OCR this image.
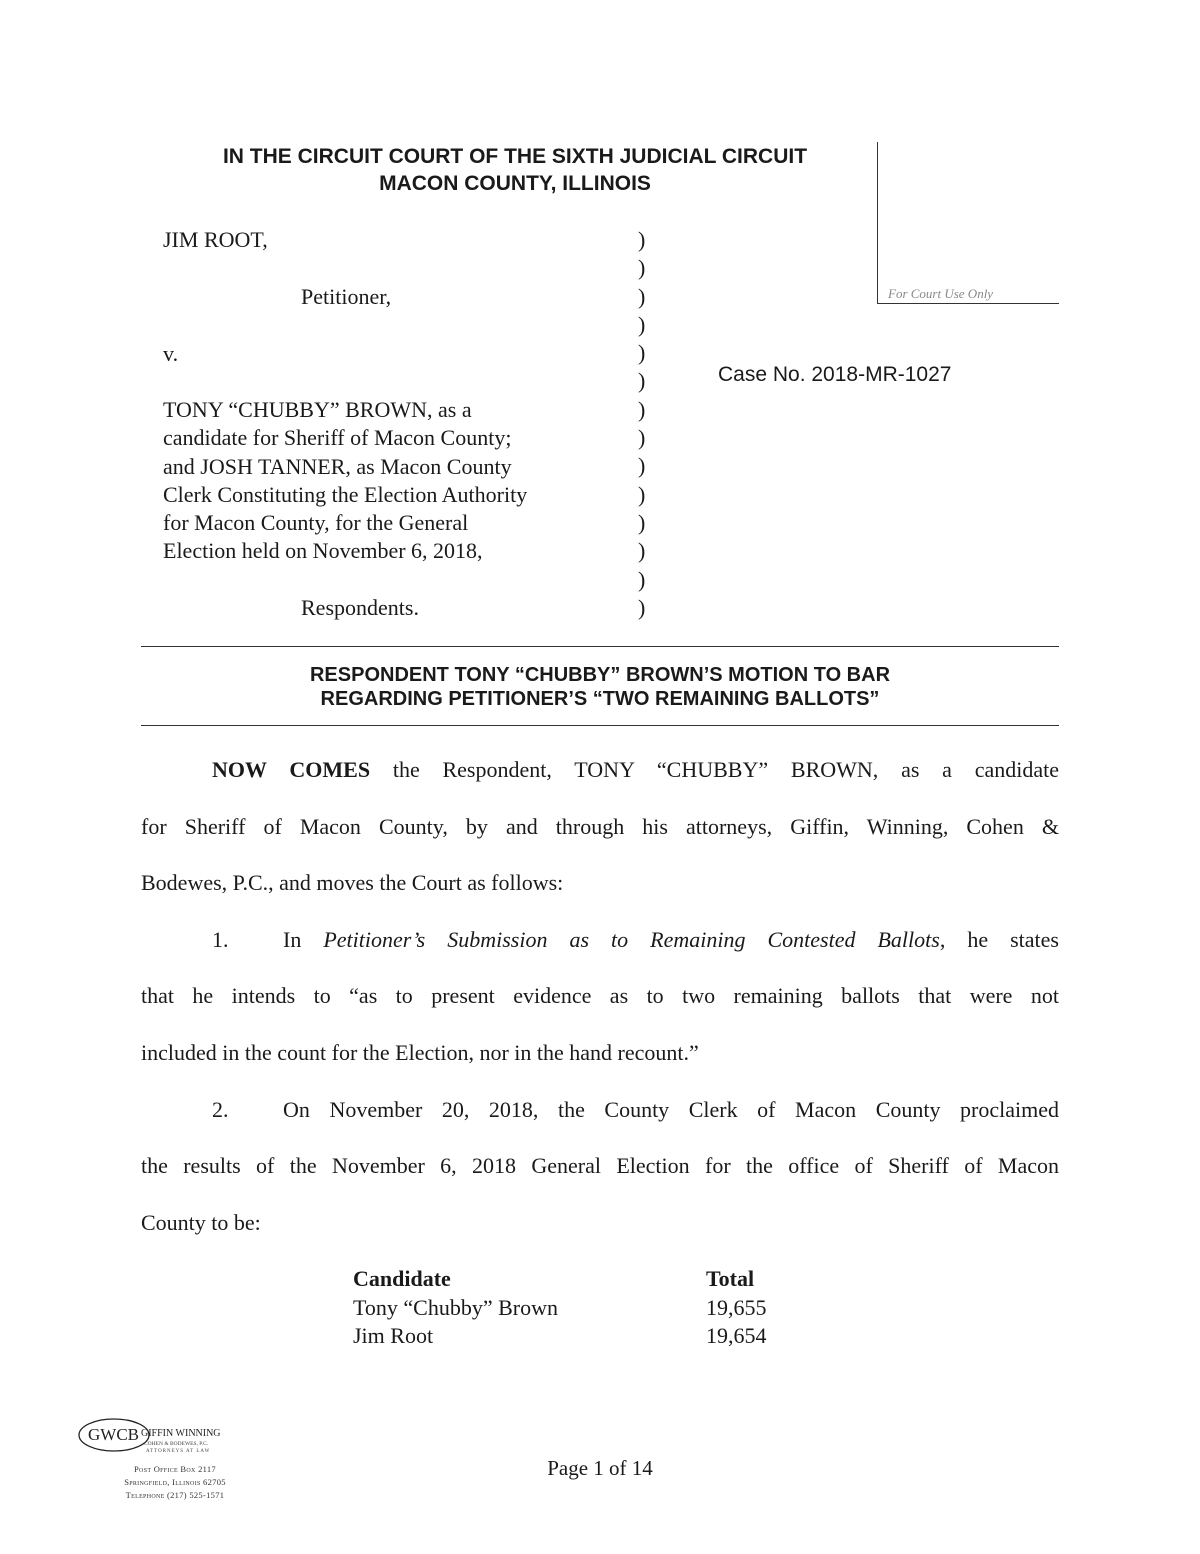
IN THE CIRCUIT COURT OF THE SIXTH JUDICIAL CIRCUIT
MACON COUNTY, ILLINOIS
For Court Use Only
JIM ROOT,
Petitioner,
v.
TONY “CHUBBY” BROWN, as a
candidate for Sheriff of Macon County;
and JOSH TANNER, as Macon County
Clerk Constituting the Election Authority
for Macon County, for the General
Election held on November 6, 2018,
Respondents.
)
)
)
)
)
)
)
)
)
)
)
)
)
)
Case No. 2018-MR-1027
RESPONDENT TONY “CHUBBY” BROWN’S MOTION TO BAR
REGARDING PETITIONER’S “TWO REMAINING BALLOTS”
NOW COMES the Respondent, TONY “CHUBBY” BROWN, as a candidate
for Sheriff of Macon County, by and through his attorneys, Giffin, Winning, Cohen &
Bodewes, P.C., and moves the Court as follows:
1.	In Petitioner’s Submission as to Remaining Contested Ballots, he states
that he intends to “as to present evidence as to two remaining ballots that were not
included in the count for the Election, nor in the hand recount.”
2.	On November 20, 2018, the County Clerk of Macon County proclaimed
the results of the November 6, 2018 General Election for the office of Sheriff of Macon
County to be:
Candidate	Total
Tony “Chubby” Brown	19,655
Jim Root	19,654
GWCB GIFFIN WINNING
COHEN & BODEWES, P.C.
ATTORNEYS AT LAW
Post Office Box 2117
Springfield, Illinois 62705
Telephone (217) 525-1571
Page 1 of 14
